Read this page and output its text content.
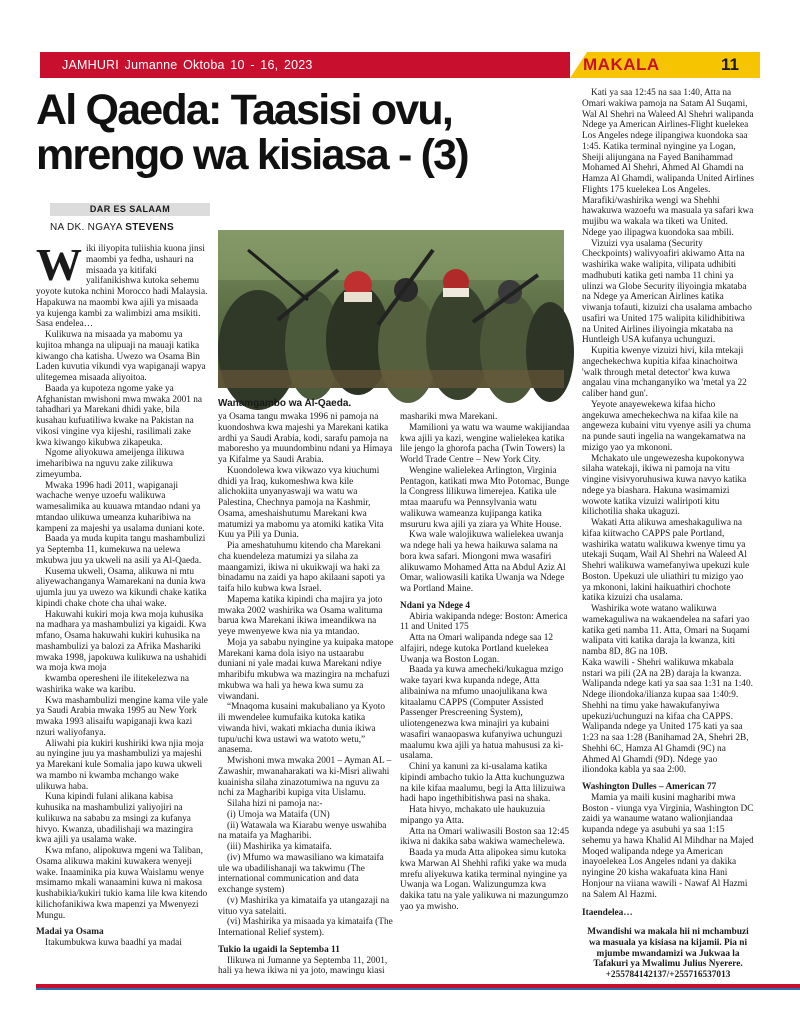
JAMHURI Jumanne Oktoba 10 - 16, 2023	MAKALA	11
Al Qaeda: Taasisi ovu,
mrengo wa kisiasa - (3)
DAR ES SALAAM
NA DK. NGAYA STEVENS
Wanamgambo wa Al-Qaeda.

Wiki iliyopita tuliishia kuona jinsi maombi ya fedha, ushauri na misaada ya kitifaki yalifanikishwa kutoka sehemu yoyote kutoka nchini Morocco hadi Malaysia. Hapakuwa na maombi kwa ajili ya misaada ya kujenga kambi za walimbizi ama msikiti. Sasa endelea…

Kulikuwa na misaada ya mabomu ya kujitoa mhanga na ulipuaji na mauaji katika kiwango cha katisha. Uwezo wa Osama Bin Laden kuvutia vikundi vya wapiganaji wapya ulitegemea misaada aliyoitoa.

Baada ya kupoteza ngome yake ya Afghanistan mwishoni mwa mwaka 2001 na tahadhari ya Marekani dhidi yake, bila kusahau kufuatiliwa kwake na Pakistan na vikosi vingine vya kijeshi, rasilimali zake kwa kiwango kikubwa zikapeuka.

Ngome aliyokuwa ameijenga ilikuwa imeharibiwa na nguvu zake zilikuwa zimeyumba.

Mwaka 1996 hadi 2011, wapiganaji wachache wenye uzoefu walikuwa wamesalimika au kuuawa mtandao ndani ya mtandao ulikuwa umeanza kuharibiwa na kampeni za majeshi ya usalama duniani kote.

Baada ya muda kupita tangu mashambulizi ya Septemba 11, kumekuwa na uelewa mkubwa juu ya ukweli na asili ya Al-Qaeda.

Kusema ukweli, Osama, alikuwa ni mtu aliyewachanganya Wamarekani na dunia kwa ujumla juu ya uwezo wa kikundi chake katika kipindi chake chote cha uhai wake.

Hakuwahi kukiri moja kwa moja kuhusika na madhara ya mashambulizi ya kigaidi. Kwa mfano, Osama hakuwahi kukiri kuhusika na mashambulizi ya balozi za Afrika Mashariki mwaka 1998, japokuwa kulikuwa na ushahidi wa moja kwa moja

kwamba operesheni ile ilitekelezwa na washirika wake wa karibu.

Kwa mashambulizi mengine kama vile yale ya Saudi Arabia mwaka 1995 au New York mwaka 1993 alisaifu wapiganaji kwa kazi nzuri waliyofanya.

Aliwahi pia kukiri kushiriki kwa njia moja au nyingine juu ya mashambulizi ya majeshi ya Marekani kule Somalia japo kuwa ukweli wa mambo ni kwamba mchango wake ulikuwa haba.

Kuna kipindi fulani alikana kabisa kuhusika na mashambulizi yaliyojiri na kulikuwa na sababu za msingi za kufanya hivyo. Kwanza, ubadilishaji wa mazingira kwa ajili ya usalama wake.

Kwa mfano, alipokuwa mgeni wa Taliban, Osama alikuwa makini kuwakera wenyeji wake. Inaaminika pia kuwa Waislamu wenye msimamo mkali wanaamini kuwa ni makosa kushabikia/kukiri tukio kama lile kwa kitendo kilichofanikiwa kwa mapenzi ya Mwenyezi Mungu.

Madai ya Osama

Itakumbukwa kuwa baadhi ya madai

ya Osama tangu mwaka 1996 ni pamoja na kuondoshwa kwa majeshi ya Marekani katika ardhi ya Saudi Arabia, kodi, sarafu pamoja na maboresho ya muundombinu ndani ya Himaya ya Kifalme ya Saudi Arabia.

Kuondolewa kwa vikwazo vya kiuchumi dhidi ya Iraq, kukomeshwa kwa kile alichokiita unyanyaswaji wa watu wa Palestina, Chechnya pamoja na Kashmir, Osama, ameshaishutumu Marekani kwa matumizi ya mabomu ya atomiki katika Vita Kuu ya Pili ya Dunia.

Pia ameshatuhumu kitendo cha Marekani cha kuendeleza matumizi ya silaha za maangamizi, ikiwa ni ukuikwaji wa haki za binadamu na zaidi ya hapo akilaani sapoti ya taifa hilo kubwa kwa Israel.

Mapema katika kipindi cha majira ya joto mwaka 2002 washirika wa Osama walituma barua kwa Marekani ikiwa imeandikwa na yeye mwenyewe kwa nia ya mtandao.

Moja ya sababu nyingine ya kuipaka matope Marekani kama dola isiyo na ustaarabu duniani ni yale madai kuwa Marekani ndiye mharibifu mkubwa wa mazingira na mchafuzi mkubwa wa hali ya hewa kwa sumu za viwandani.

“Mnaqoma kusaini makubaliano ya Kyoto ili mwendelee kumufaika kutoka katika viwanda hivi, wakati mkiacha dunia ikiwa tupu/uchi kwa ustawi wa watoto wetu,” anasema.

Mwishoni mwa mwaka 2001 – Ayman AL – Zawashir, mwanaharakati wa ki-Misri aliwahi kuainisha silaha zinazotumiwa na nguvu za nchi za Magharibi kupiga vita Uislamu.

Silaha hizi ni pamoja na:-

(i) Umoja wa Mataifa (UN)

(ii) Watawala wa Kiarabu wenye uswahiba na mataifa ya Magharibi.

(iii) Mashirika ya kimataifa.

(iv) Mfumo wa mawasiliano wa kimataifa ule wa ubadilishanaji wa takwimu (The international communication and data exchange system)

(v) Mashirika ya kimataifa ya utangazaji na vituo vya satelaiti.

(vi) Mashirika ya misaada ya kimataifa (The International Relief system).

Tukio la ugaidi la Septemba 11

Ilikuwa ni Jumanne ya Septemba 11, 2001, hali ya hewa ikiwa ni ya joto, mawingu kiasi

mashariki mwa Marekani.

Mamilioni ya watu wa waume wakijiandaa kwa ajili ya kazi, wengine walielekea katika lile jengo la ghorofa pacha (Twin Towers) la World Trade Centre – New York City.

Wengine walielekea Arlington, Virginia Pentagon, katikati mwa Mto Potomac, Bunge la Congress lilikuwa limerejea. Katika ule mtaa maarufu wa Pennsylvania watu walikuwa wameanza kujipanga katika msururu kwa ajili ya ziara ya White House.

Kwa wale walojikuwa walielekea uwanja wa ndege hali ya hewa haikuwa salama na bora kwa safari. Miongoni mwa wasafiri alikuwamo Mohamed Atta na Abdul Aziz Al Omar, waliowasili katika Uwanja wa Ndege wa Portland Maine.

Ndani ya Ndege 4

Abiria wakipanda ndege: Boston: America 11 and United 175

Atta na Omari walipanda ndege saa 12 alfajiri, ndege kutoka Portland kuelekea Uwanja wa Boston Logan.

Baada ya kuwa amecheki/kukagua mzigo wake tayari kwa kupanda ndege, Atta alibainiwa na mfumo unaojulikana kwa kitaalamu CAPPS (Computer Assisted Passenger Prescreening System), uliotengenezwa kwa minajiri ya kubaini wasafiri wanaopaswa kufanyiwa uchunguzi maalumu kwa ajili ya hatua mahususi za ki-usalama.

Chini ya kanuni za ki-usalama katika kipindi ambacho tukio la Atta kuchunguzwa na kile kifaa maalumu, begi la Atta lilizuiwa hadi hapo ingethibitishwa pasi na shaka.

Hata hivyo, mchakato ule haukuzuia mipango ya Atta.

Atta na Omari waliwasili Boston saa 12:45 ikiwa ni dakika saba wakiwa wamechelewa.

Baada ya muda Atta alipokea simu kutoka kwa Marwan Al Shehhi rafiki yake wa muda mrefu aliyekuwa katika terminal nyingine ya Uwanja wa Logan. Walizungumza kwa dakika tatu na yale yalikuwa ni mazungumzo yao ya mwisho.

Kati ya saa 12:45 na saa 1:40, Atta na Omari wakiwa pamoja na Satam Al Suqami, Wal Al Shehri na Waleed Al Shehri walipanda Ndege ya American Airlines-Flight kuelekea Los Angeles ndege ilipangiwa kuondoka saa 1:45. Katika terminal nyingine ya Logan, Sheiji alijungana na Fayed Banihammad Mohamed Al Shehri, Ahmed Al Ghamdi na Hamza Al Ghamdi, walipanda United Airlines Flights 175 kuelekea Los Angeles. Marafiki/washirika wengi wa Shehhi hawakuwa wazoefu wa masuala ya safari kwa mujibu wa wakala wa tiketi wa United. Ndege yao ilipagwa kuondoka saa mbili.

Vizuizi vya usalama (Security Checkpoints) walivyoafiri akiwamo Atta na washirika wake walipita, vilipata udhibiti madhubuti katika geti namba 11 chini ya ulinzi wa Globe Security iliyoingia mkataba na Ndege ya American Airlines katika viwanja tofauti, kizuizi cha usalama ambacho usafiri wa United 175 walipita kilidhibitiwa na United Airlines iliyoingia mkataba na Huntleigh USA kufanya uchunguzi.

Kupitia kwenye vizuizi hivi, kila mtekaji angechekechwa kupitia kifaa kinachoitwa 'walk through metal detector' kwa kuwa angalau vina mchanganyiko wa 'metal ya 22 caliber hand gun'.

Yeyote anayewekewa kifaa hicho angekuwa amechekechwa na kifaa kile na angeweza kubaini vitu vyenye asili ya chuma na punde sauti ingelia na wangekamatwa na mizigo yao ya mkononi.

Mchakato ule ungewezesha kupokonywa silaha watekaji, ikiwa ni pamoja na vitu vingine visivyoruhusiwa kuwa navyo katika ndege ya biashara. Hakuna wasimamizi wowote katika vizuizi waliripoti kitu kilichotilia shaka ukaguzi.

Wakati Atta alikuwa ameshakaguliwa na kifaa kiitwacho CAPPS pale Portland, washirika watatu walikuwa kwenye timu ya utekaji Suqam, Wail Al Shehri na Waleed Al Shehri walikuwa wamefanyiwa upekuzi kule Boston. Upekuzi ule uliathiri tu mizigo yao ya mkononi, lakini haikuathiri chochote katika kizuizi cha usalama.

Washirika wote watano walikuwa wamekaguliwa na wakaendelea na safari yao katika geti namba 11. Atta, Omari na Suqami walipata viti katika daraja la kwanza, kiti namba 8D, 8G na 10B.

Kaka wawili - Shehri walikuwa mkabala nstari wa pili (2A na 2B) daraja la kwanza. Walipanda ndege kati ya saa saa 1:31 na 1:40. Ndege iliondoka/ilianza kupaa saa 1:40:9. Shehhi na timu yake hawakufanyiwa upekuzi/uchunguzi na kifaa cha CAPPS. Walipanda ndege ya United 175 kati ya saa 1:23 na saa 1:28 (Banihamad 2A, Shehri 2B, Shehhi 6C, Hamza Al Ghamdi (9C) na Ahmed Al Ghamdi (9D). Ndege yao iliondoka kabla ya saa 2:00.

Washington Dulles – American 77

Mamia ya maili kusini magharibi mwa Boston - viunga vya Virginia, Washington DC zaidi ya wanaume watano walionjiandaa kupanda ndege ya asubuhi ya saa 1:15 sehemu ya hawa Khalid Al Mihdhar na Majed Moqed walipanda ndege ya American inayoelekea Los Angeles ndani ya dakika nyingine 20 kisha wakafuata kina Hani Honjour na viiana wawili - Nawaf Al Hazmi na Salem Al Hazmi.

Itaendelea…

Mwandishi wa makala hii ni mchambuzi wa masuala ya kisiasa na kijamii. Pia ni mjumbe mwandamizi wa Jukwaa la Tafakuri ya Mwalimu Julius Nyerere.

+255784142137/+255716537013
